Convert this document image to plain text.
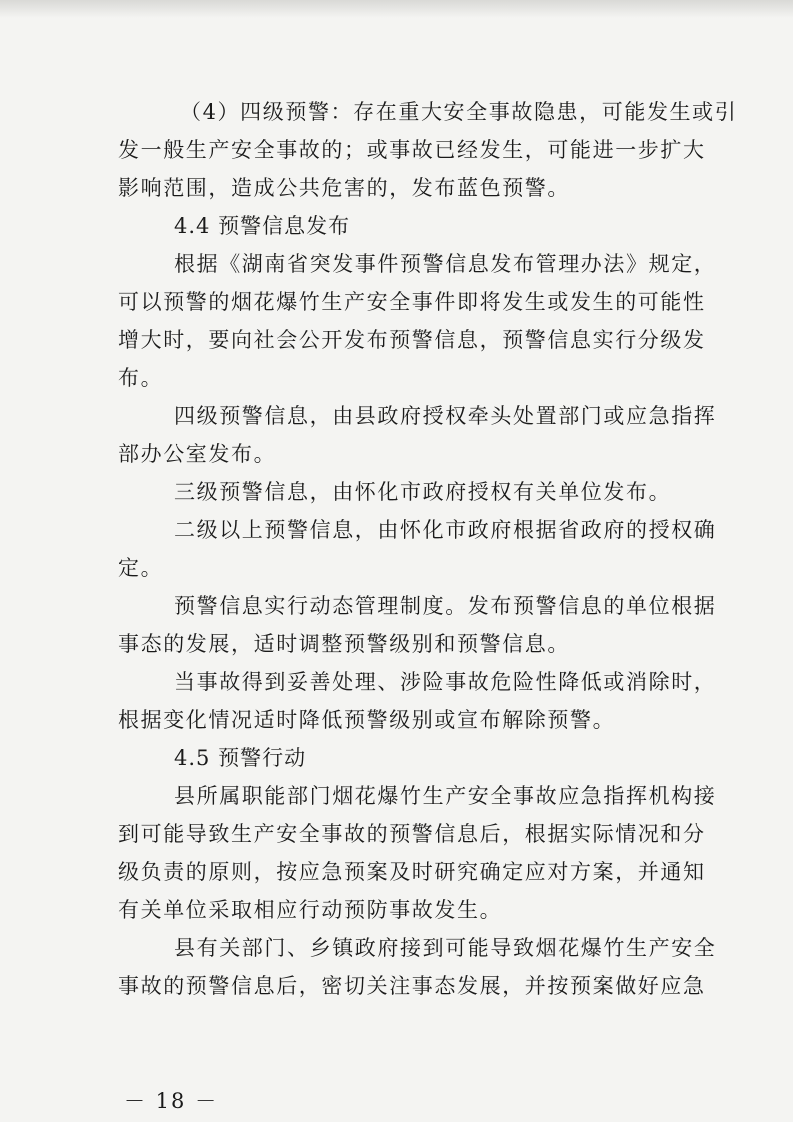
（4）四级预警：存在重大安全事故隐患，可能发生或引
发一般生产安全事故的；或事故已经发生，可能进一步扩大
影响范围，造成公共危害的，发布蓝色预警。
4.4 预警信息发布
根据《湖南省突发事件预警信息发布管理办法》规定，
可以预警的烟花爆竹生产安全事件即将发生或发生的可能性
增大时，要向社会公开发布预警信息，预警信息实行分级发
布。
四级预警信息，由县政府授权牵头处置部门或应急指挥
部办公室发布。
三级预警信息，由怀化市政府授权有关单位发布。
二级以上预警信息，由怀化市政府根据省政府的授权确
定。
预警信息实行动态管理制度。发布预警信息的单位根据
事态的发展，适时调整预警级别和预警信息。
当事故得到妥善处理、涉险事故危险性降低或消除时，
根据变化情况适时降低预警级别或宣布解除预警。
4.5 预警行动
县所属职能部门烟花爆竹生产安全事故应急指挥机构接
到可能导致生产安全事故的预警信息后，根据实际情况和分
级负责的原则，按应急预案及时研究确定应对方案，并通知
有关单位采取相应行动预防事故发生。
县有关部门、乡镇政府接到可能导致烟花爆竹生产安全
事故的预警信息后，密切关注事态发展，并按预案做好应急
－ 18 －
